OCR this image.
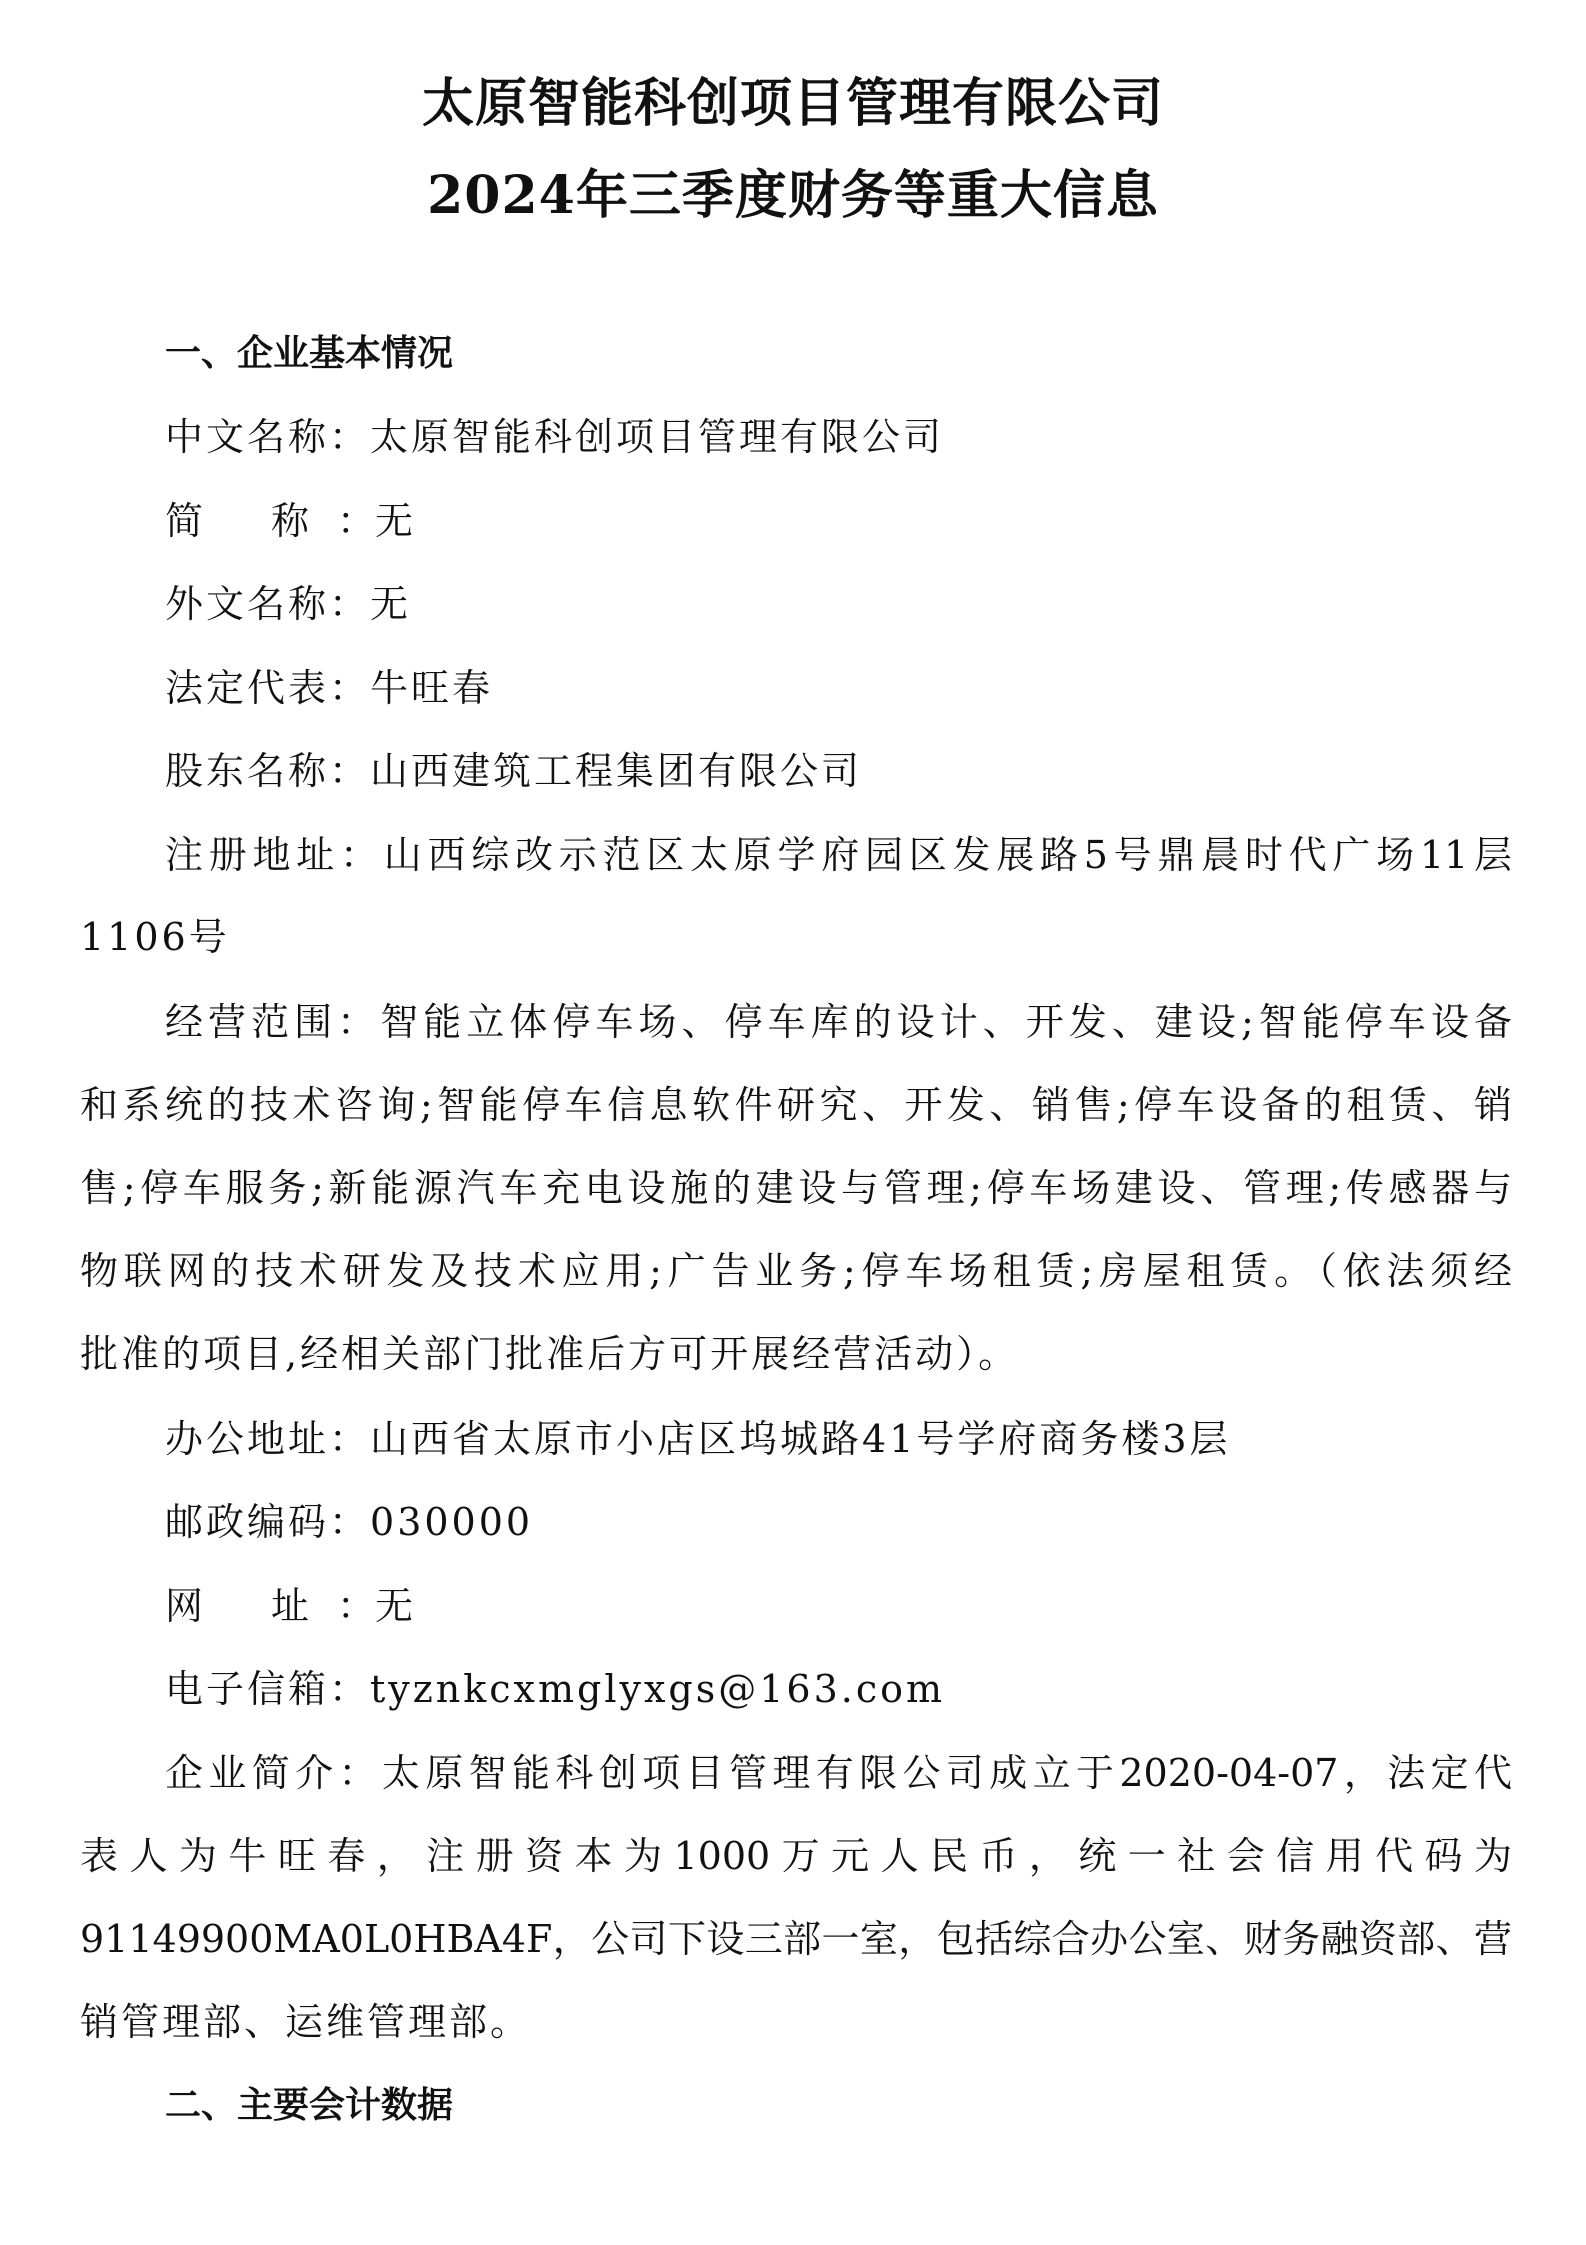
太原智能科创项目管理有限公司
2024年三季度财务等重大信息
一、企业基本情况
中文名称：太原智能科创项目管理有限公司
简 称：无
外文名称：无
法定代表：牛旺春
股东名称：山西建筑工程集团有限公司
注册地址：山西综改示范区太原学府园区发展路5号鼎晨时代广场11层
1106号
经营范围：智能立体停车场、停车库的设计、开发、建设;智能停车设备
和系统的技术咨询;智能停车信息软件研究、开发、销售;停车设备的租赁、销
售;停车服务;新能源汽车充电设施的建设与管理;停车场建设、管理;传感器与
物联网的技术研发及技术应用;广告业务;停车场租赁;房屋租赁。（依法须经
批准的项目,经相关部门批准后方可开展经营活动）。
办公地址：山西省太原市小店区坞城路41号学府商务楼3层
邮政编码：030000
网 址：无
电子信箱：tyznkcxmglyxgs@163.com
企业简介：太原智能科创项目管理有限公司成立于2020-04-07，法定代
表人为牛旺春，注册资本为1000万元人民币，统一社会信用代码为
91149900MA0L0HBA4F，公司下设三部一室，包括综合办公室、财务融资部、营
销管理部、运维管理部。
二、主要会计数据
